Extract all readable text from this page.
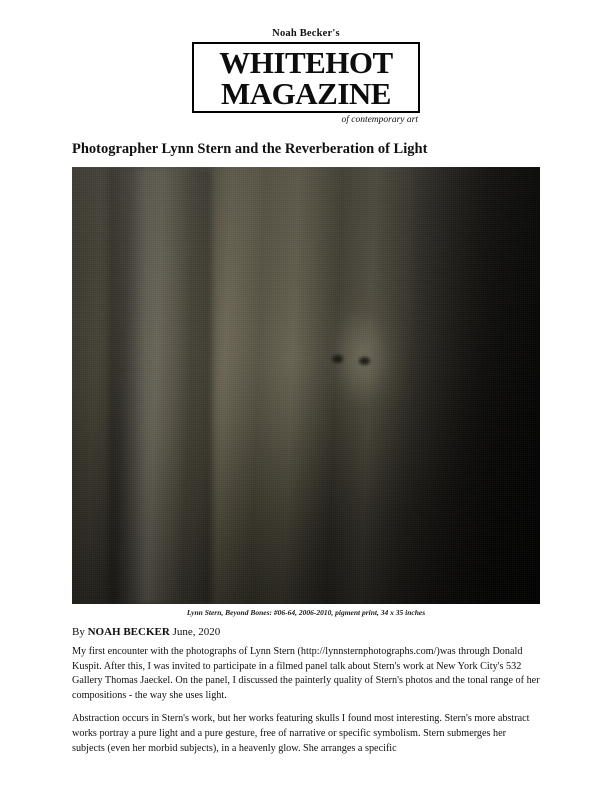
Noah Becker's
WHITEHOT
MAGAZINE
of contemporary art
Photographer Lynn Stern and the Reverberation of Light
Lynn Stern, Beyond Bones: #06-64, 2006-2010, pigment print, 34 x 35 inches
By NOAH BECKER June, 2020

My first encounter with the photographs of Lynn Stern (http://lynnsternphotographs.com/)was through Donald Kuspit. After this, I was invited to participate in a filmed panel talk about Stern's work at New York City's 532 Gallery Thomas Jaeckel. On the panel, I discussed the painterly quality of Stern's photos and the tonal range of her compositions - the way she uses light.

Abstraction occurs in Stern's work, but her works featuring skulls I found most interesting. Stern's more abstract works portray a pure light and a pure gesture, free of narrative or specific symbolism. Stern submerges her subjects (even her morbid subjects), in a heavenly glow. She arranges a specific
